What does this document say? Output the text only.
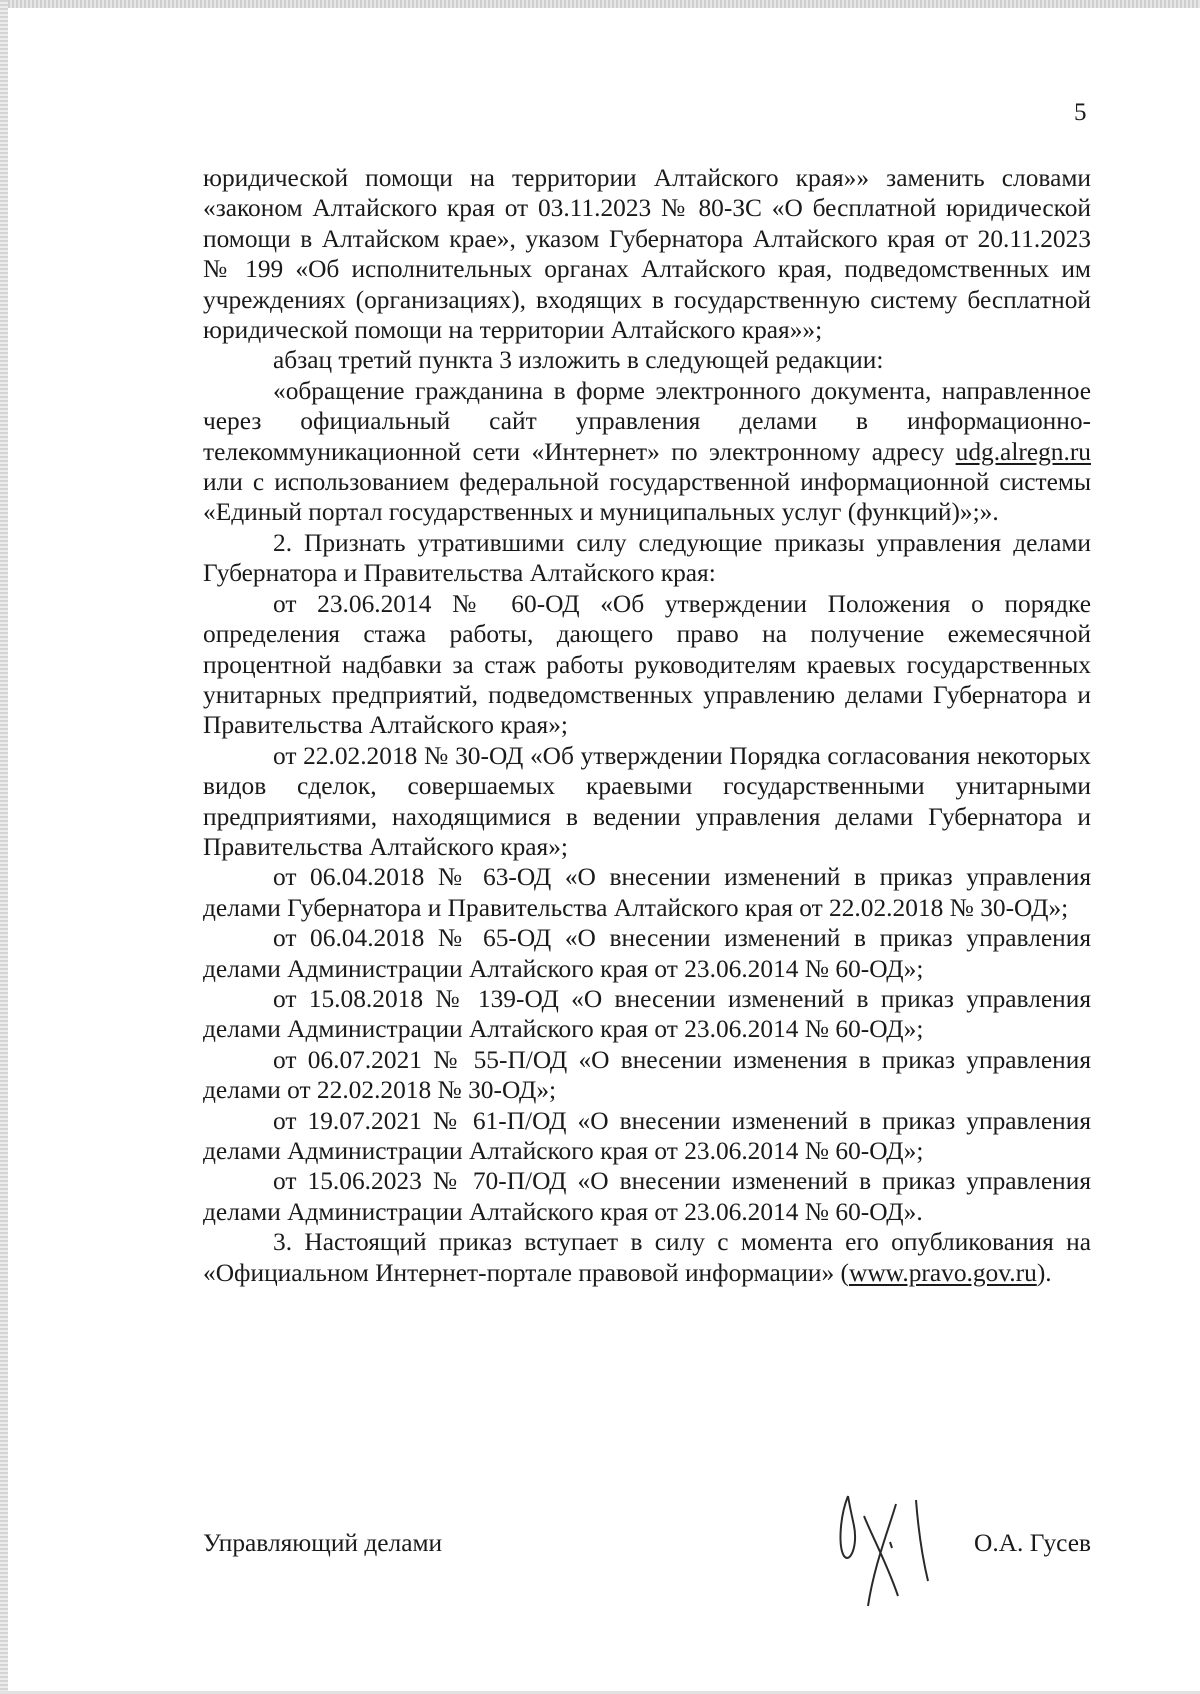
5

юридической помощи на территории Алтайского края»» заменить словами «законом Алтайского края от 03.11.2023 № 80-ЗС «О бесплатной юридической помощи в Алтайском крае», указом Губернатора Алтайского края от 20.11.2023 № 199 «Об исполнительных органах Алтайского края, подведомственных им учреждениях (организациях), входящих в государственную систему бесплатной юридической помощи на территории Алтайского края»»;

абзац третий пункта 3 изложить в следующей редакции:

«обращение гражданина в форме электронного документа, направленное через официальный сайт управления делами в информационно-телекоммуникационной сети «Интернет» по электронному адресу udg.alregn.ru или с использованием федеральной государственной информационной системы «Единый портал государственных и муниципальных услуг (функций)»;».

2. Признать утратившими силу следующие приказы управления делами Губернатора и Правительства Алтайского края:

от 23.06.2014 № 60-ОД «Об утверждении Положения о порядке определения стажа работы, дающего право на получение ежемесячной процентной надбавки за стаж работы руководителям краевых государственных унитарных предприятий, подведомственных управлению делами Губернатора и Правительства Алтайского края»;

от 22.02.2018 № 30-ОД «Об утверждении Порядка согласования некоторых видов сделок, совершаемых краевыми государственными унитарными предприятиями, находящимися в ведении управления делами Губернатора и Правительства Алтайского края»;

от 06.04.2018 № 63-ОД «О внесении изменений в приказ управления делами Губернатора и Правительства Алтайского края от 22.02.2018 № 30-ОД»;

от 06.04.2018 № 65-ОД «О внесении изменений в приказ управления делами Администрации Алтайского края от 23.06.2014 № 60-ОД»;

от 15.08.2018 № 139-ОД «О внесении изменений в приказ управления делами Администрации Алтайского края от 23.06.2014 № 60-ОД»;

от 06.07.2021 № 55-П/ОД «О внесении изменения в приказ управления делами от 22.02.2018 № 30-ОД»;

от 19.07.2021 № 61-П/ОД «О внесении изменений в приказ управления делами Администрации Алтайского края от 23.06.2014 № 60-ОД»;

от 15.06.2023 № 70-П/ОД «О внесении изменений в приказ управления делами Администрации Алтайского края от 23.06.2014 № 60-ОД».

3. Настоящий приказ вступает в силу с момента его опубликования на «Официальном Интернет-портале правовой информации» (www.pravo.gov.ru).

Управляющий делами	О.А. Гусев
